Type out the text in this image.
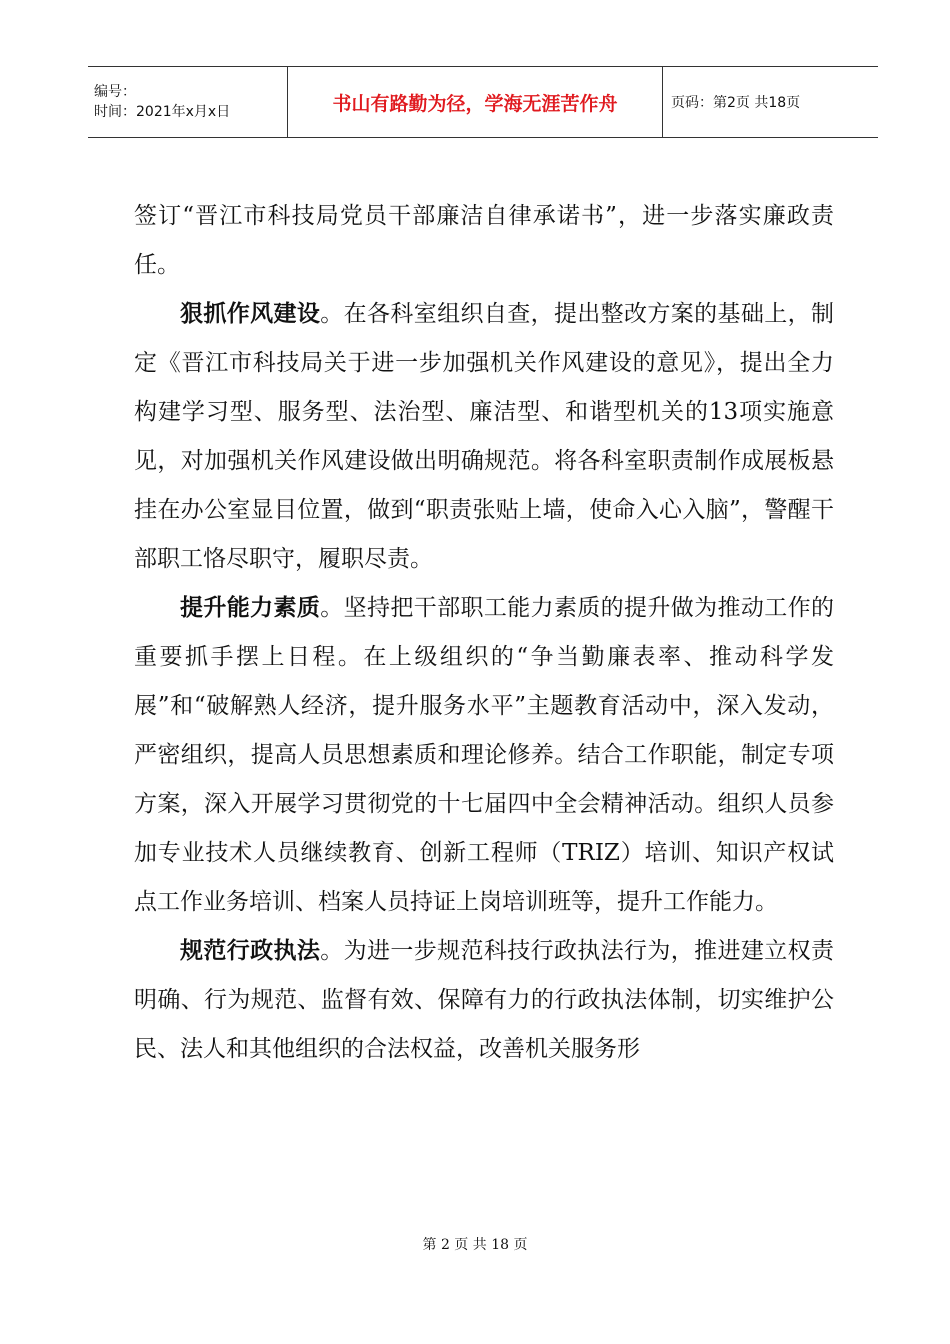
编号：
时间：2021年x月x日	书山有路勤为径，学海无涯苦作舟	页码：第2页 共18页

签订“晋江市科技局党员干部廉洁自律承诺书”，进一步落实廉政责任。

狠抓作风建设。在各科室组织自查，提出整改方案的基础上，制定《晋江市科技局关于进一步加强机关作风建设的意见》，提出全力构建学习型、服务型、法治型、廉洁型、和谐型机关的13项实施意见，对加强机关作风建设做出明确规范。将各科室职责制作成展板悬挂在办公室显目位置，做到“职责张贴上墙，使命入心入脑”，警醒干部职工恪尽职守，履职尽责。

提升能力素质。坚持把干部职工能力素质的提升做为推动工作的重要抓手摆上日程。在上级组织的“争当勤廉表率、推动科学发展”和“破解熟人经济，提升服务水平”主题教育活动中，深入发动，严密组织，提高人员思想素质和理论修养。结合工作职能，制定专项方案，深入开展学习贯彻党的十七届四中全会精神活动。组织人员参加专业技术人员继续教育、创新工程师（TRIZ）培训、知识产权试点工作业务培训、档案人员持证上岗培训班等，提升工作能力。

规范行政执法。为进一步规范科技行政执法行为，推进建立权责明确、行为规范、监督有效、保障有力的行政执法体制，切实维护公民、法人和其他组织的合法权益，改善机关服务形

第 2 页 共 18 页
